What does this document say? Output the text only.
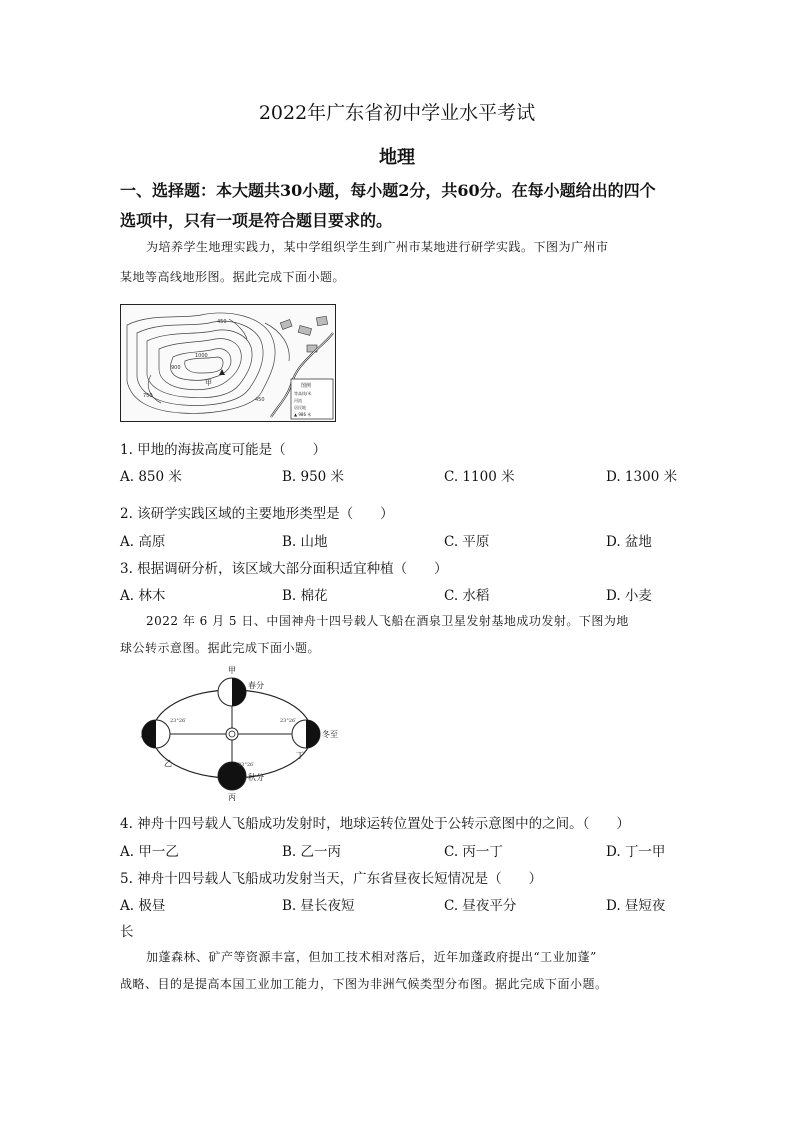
2022年广东省初中学业水平考试
地理
一、选择题：本大题共30小题，每小题2分，共60分。在每小题给出的四个
选项中，只有一项是符合题目要求的。
为培养学生地理实践力，某中学组织学生到广州市某地进行研学实践。下图为广州市
某地等高线地形图。据此完成下面小题。
甲
450
1000
900
750
450
图例
等高线/米
河流
居民地
▲ 986 米
1. 甲地的海拔高度可能是（　　）
A. 850 米	B. 950 米	C. 1100 米	D. 1300 米
2. 该研学实践区域的主要地形类型是（　　）
A. 高原	B. 山地	C. 平原	D. 盆地
3. 根据调研分析，该区域大部分面积适宜种植（　　）
A. 林木	B. 棉花	C. 水稻	D. 小麦
2022 年 6 月 5 日、中国神舟十四号载人飞船在酒泉卫星发射基地成功发射。下图为地
球公转示意图。据此完成下面小题。
甲
春分
夏至	冬至
秋分
乙
丙
丁
23°26′	23°26′
23°26′
4. 神舟十四号载人飞船成功发射时，地球运转位置处于公转示意图中的之间。（　　）
A. 甲一乙	B. 乙一丙	C. 丙一丁	D. 丁一甲
5. 神舟十四号载人飞船成功发射当天，广东省昼夜长短情况是（　　）
A. 极昼	B. 昼长夜短	C. 昼夜平分	D. 昼短夜
长
加蓬森林、矿产等资源丰富，但加工技术相对落后，近年加蓬政府提出“工业加蓬”
战略、目的是提高本国工业加工能力，下图为非洲气候类型分布图。据此完成下面小题。
